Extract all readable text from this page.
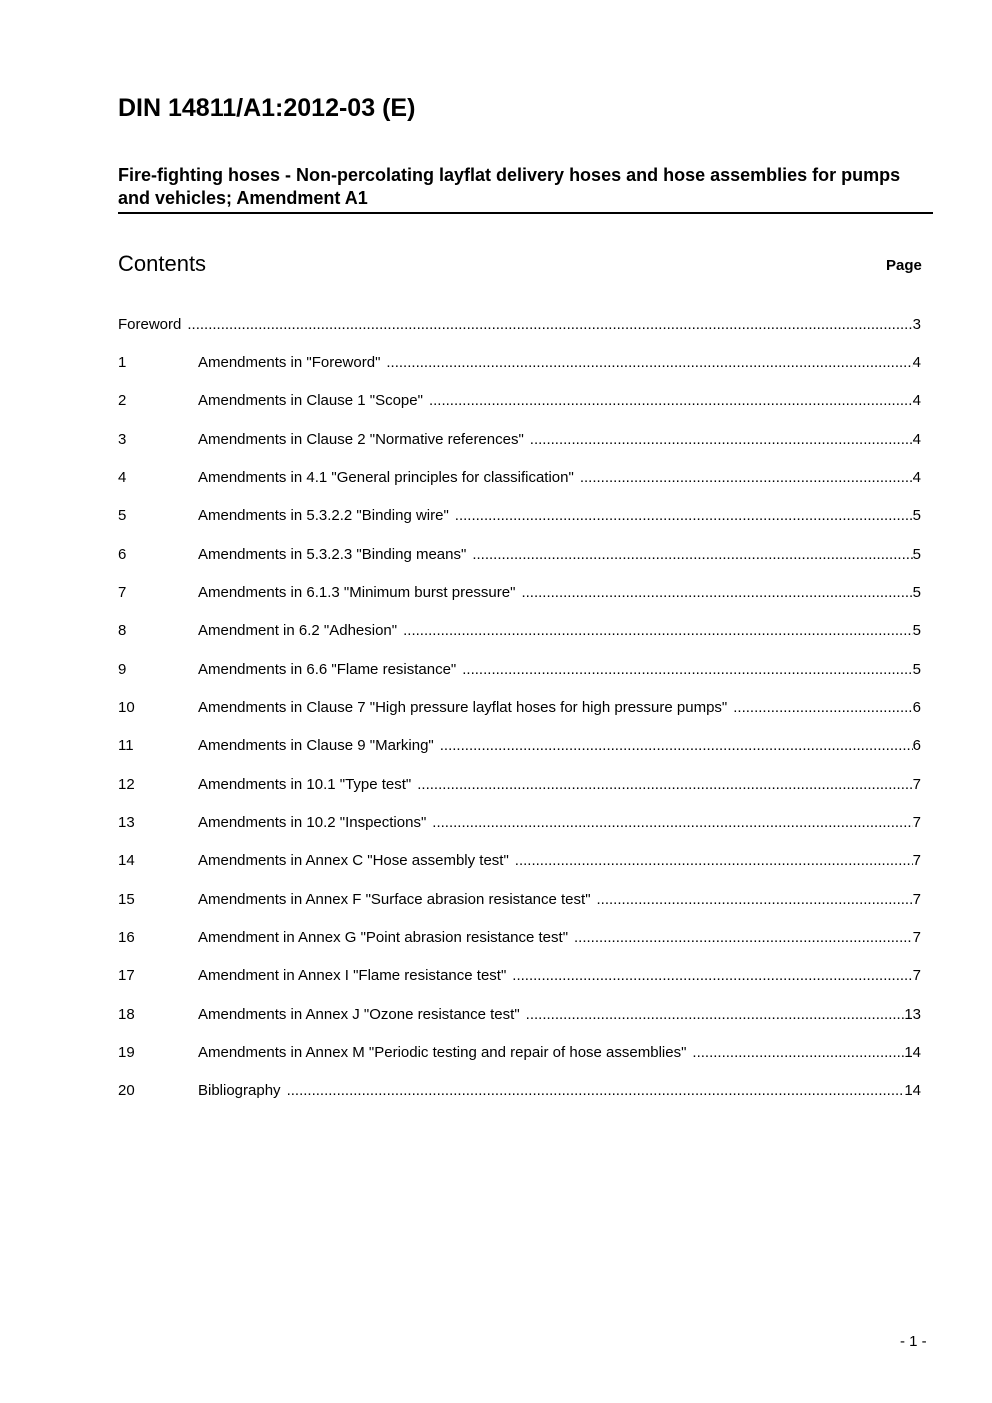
DIN 14811/A1:2012-03 (E)
Fire-fighting hoses - Non-percolating layflat delivery hoses and hose assemblies for pumps and vehicles; Amendment A1
Contents	Page
Foreword .....	3
1	Amendments in "Foreword" .....	4
2	Amendments in Clause 1 "Scope" .....	4
3	Amendments in Clause 2 "Normative references" .....	4
4	Amendments in 4.1 "General principles for classification" .....	4
5	Amendments in 5.3.2.2 "Binding wire" .....	5
6	Amendments in 5.3.2.3 "Binding means" .....	5
7	Amendments in 6.1.3 "Minimum burst pressure" .....	5
8	Amendment in 6.2 "Adhesion" .....	5
9	Amendments in 6.6 "Flame resistance" .....	5
10	Amendments in Clause 7 "High pressure layflat hoses for high pressure pumps" .....	6
11	Amendments in Clause 9 "Marking" .....	6
12	Amendments in 10.1 "Type test" .....	7
13	Amendments in 10.2 "Inspections" .....	7
14	Amendments in Annex C "Hose assembly test" .....	7
15	Amendments in Annex F "Surface abrasion resistance test" .....	7
16	Amendment in Annex G "Point abrasion resistance test" .....	7
17	Amendment in Annex I "Flame resistance test" .....	7
18	Amendments in Annex J "Ozone resistance test" .....	13
19	Amendments in Annex M "Periodic testing and repair of hose assemblies" .....	14
20	Bibliography .....	14
- 1 -
